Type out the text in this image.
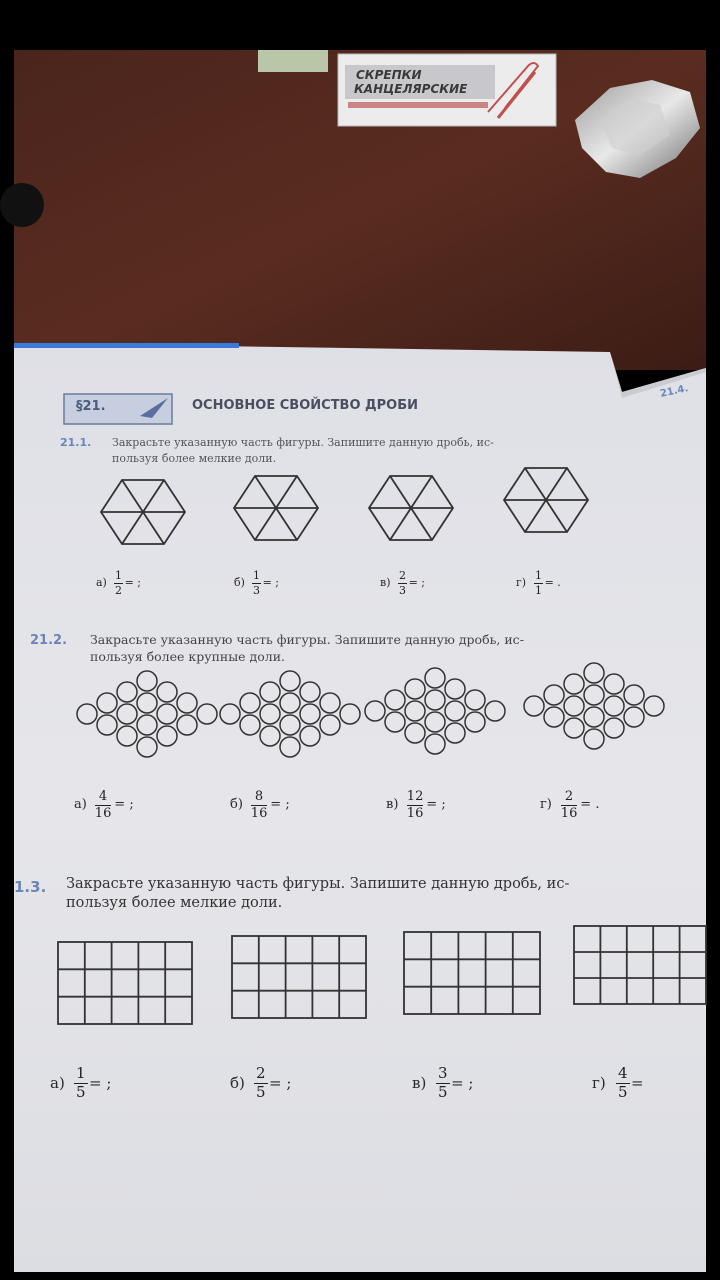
СКРЕПКИ
КАНЦЕЛЯРСКИЕ
§21.	ОСНОВНОЕ СВОЙСТВО ДРОБИ
21.4.
21.1. Закрасьте указанную часть фигуры. Запишите данную дробь, ис-
пользуя более мелкие доли.
21.2. Закрасьте указанную часть фигуры. Запишите данную дробь, ис-
пользуя более крупные доли.
1.3. Закрасьте указанную часть фигуры. Запишите данную дробь, ис-
пользуя более мелкие доли.
а)
1
2
= ;	б)
1
3
= ;	в)
2
3
= ;	г)
1
1
= .
а)
4
16
= ;	б)
8
16
= ;	в)
12
16
= ;	г)
2
16
= .
а)
1
5 = ;	б)
2
5 = ;	в)
3
5 = ;	г)
4
5 =
